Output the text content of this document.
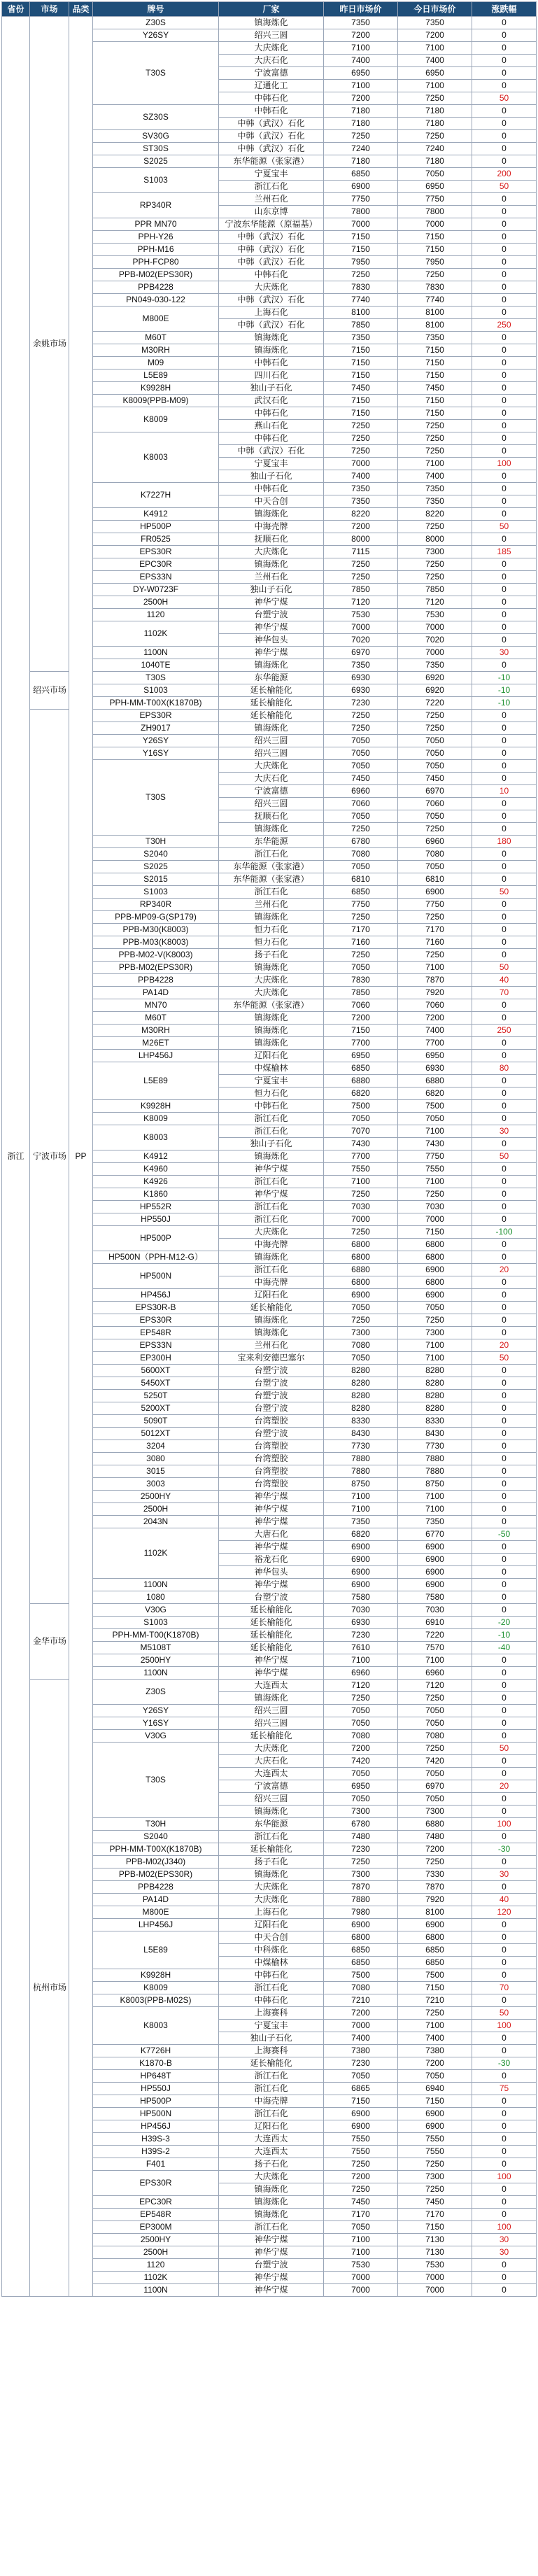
省份	市场	品类	牌号	厂家	昨日市场价	今日市场价	涨跌幅
浙江	余姚市场	PP	Z30S	镇海炼化	7350	7350	0
			Y26SY	绍兴三圆	7200	7200	0
			T30S	大庆炼化	7100	7100	0
				大庆石化	7400	7400	0
				宁波富德	6950	6950	0
				辽通化工	7100	7100	0
				中韩石化	7200	7250	50
			SZ30S	中韩石化	7180	7180	0
				中韩（武汉）石化	7180	7180	0
			SV30G	中韩（武汉）石化	7250	7250	0
			ST30S	中韩（武汉）石化	7240	7240	0
			S2025	东华能源（张家港）	7180	7180	0
			S1003	宁夏宝丰	6850	7050	200
				浙江石化	6900	6950	50
			RP340R	兰州石化	7750	7750	0
				山东京博	7800	7800	0
			PPR MN70	宁波东华能源（原福基）	7000	7000	0
			PPH-Y26	中韩（武汉）石化	7150	7150	0
			PPH-M16	中韩（武汉）石化	7150	7150	0
			PPH-FCP80	中韩（武汉）石化	7950	7950	0
			PPB-M02(EPS30R)	中韩石化	7250	7250	0
			PPB4228	大庆炼化	7830	7830	0
			PN049-030-122	中韩（武汉）石化	7740	7740	0
			M800E	上海石化	8100	8100	0
				中韩（武汉）石化	7850	8100	250
			M60T	镇海炼化	7350	7350	0
			M30RH	镇海炼化	7150	7150	0
			M09	中韩石化	7150	7150	0
			L5E89	四川石化	7150	7150	0
			K9928H	独山子石化	7450	7450	0
			K8009(PPB-M09)	武汉石化	7150	7150	0
			K8009	中韩石化	7150	7150	0
				燕山石化	7250	7250	0
			K8003	中韩石化	7250	7250	0
				中韩（武汉）石化	7250	7250	0
				宁夏宝丰	7000	7100	100
				独山子石化	7400	7400	0
			K7227H	中韩石化	7350	7350	0
				中天合创	7350	7350	0
			K4912	镇海炼化	8220	8220	0
			HP500P	中海壳牌	7200	7250	50
			FR0525	抚顺石化	8000	8000	0
			EPS30R	大庆炼化	7115	7300	185
			EPC30R	镇海炼化	7250	7250	0
			EPS33N	兰州石化	7250	7250	0
			DY-W0723F	独山子石化	7850	7850	0
			2500H	神华宁煤	7120	7120	0
			1120	台塑宁波	7530	7530	0
			1102K	神华宁煤	7000	7000	0
				神华包头	7020	7020	0
			1100N	神华宁煤	6970	7000	30
			1040TE	镇海炼化	7350	7350	0
	绍兴市场		T30S	东华能源	6930	6920	-10
			S1003	延长榆能化	6930	6920	-10
			PPH-MM-T00X(K1870B)	延长榆能化	7230	7220	-10
	宁波市场		EPS30R	延长榆能化	7250	7250	0
			ZH9017	镇海炼化	7250	7250	0
			Y26SY	绍兴三圆	7050	7050	0
			Y16SY	绍兴三圆	7050	7050	0
			T30S	大庆炼化	7050	7050	0
				大庆石化	7450	7450	0
				宁波富德	6960	6970	10
				绍兴三圆	7060	7060	0
				抚顺石化	7050	7050	0
				镇海炼化	7250	7250	0
			T30H	东华能源	6780	6960	180
			S2040	浙江石化	7080	7080	0
			S2025	东华能源（张家港）	7050	7050	0
			S2015	东华能源（张家港）	6810	6810	0
			S1003	浙江石化	6850	6900	50
			RP340R	兰州石化	7750	7750	0
			PPB-MP09-G(SP179)	镇海炼化	7250	7250	0
			PPB-M30(K8003)	恒力石化	7170	7170	0
			PPB-M03(K8003)	恒力石化	7160	7160	0
			PPB-M02-V(K8003)	扬子石化	7250	7250	0
			PPB-M02(EPS30R)	镇海炼化	7050	7100	50
			PPB4228	大庆炼化	7830	7870	40
			PA14D	大庆炼化	7850	7920	70
			MN70	东华能源（张家港）	7060	7060	0
			M60T	镇海炼化	7200	7200	0
			M30RH	镇海炼化	7150	7400	250
			M26ET	镇海炼化	7700	7700	0
			LHP456J	辽阳石化	6950	6950	0
			L5E89	中煤榆林	6850	6930	80
				宁夏宝丰	6880	6880	0
				恒力石化	6820	6820	0
			K9928H	中韩石化	7500	7500	0
			K8009	浙江石化	7050	7050	0
			K8003	浙江石化	7070	7100	30
				独山子石化	7430	7430	0
			K4912	镇海炼化	7700	7750	50
			K4960	神华宁煤	7550	7550	0
			K4926	浙江石化	7100	7100	0
			K1860	神华宁煤	7250	7250	0
			HP552R	浙江石化	7030	7030	0
			HP550J	浙江石化	7000	7000	0
			HP500P	大庆炼化	7250	7150	-100
				中海壳牌	6800	6800	0
			HP500N（PPH-M12-G）	镇海炼化	6800	6800	0
			HP500N	浙江石化	6880	6900	20
				中海壳牌	6800	6800	0
			HP456J	辽阳石化	6900	6900	0
			EPS30R-B	延长榆能化	7050	7050	0
			EPS30R	镇海炼化	7250	7250	0
			EP548R	镇海炼化	7300	7300	0
			EPS33N	兰州石化	7080	7100	20
			EP300H	宝来利安德巴塞尔	7050	7100	50
			5600XT	台塑宁波	8280	8280	0
			5450XT	台塑宁波	8280	8280	0
			5250T	台塑宁波	8280	8280	0
			5200XT	台塑宁波	8280	8280	0
			5090T	台湾塑胶	8330	8330	0
			5012XT	台塑宁波	8430	8430	0
			3204	台湾塑胶	7730	7730	0
			3080	台湾塑胶	7880	7880	0
			3015	台湾塑胶	7880	7880	0
			3003	台湾塑胶	8750	8750	0
			2500HY	神华宁煤	7100	7100	0
			2500H	神华宁煤	7100	7100	0
			2043N	神华宁煤	7350	7350	0
			1102K	大唐石化	6820	6770	-50
				神华宁煤	6900	6900	0
				裕龙石化	6900	6900	0
				神华包头	6900	6900	0
			1100N	神华宁煤	6900	6900	0
			1080	台塑宁波	7580	7580	0
	金华市场		V30G	延长榆能化	7030	7030	0
			S1003	延长榆能化	6930	6910	-20
			PPH-MM-T00(K1870B)	延长榆能化	7230	7220	-10
			M5108T	延长榆能化	7610	7570	-40
			2500HY	神华宁煤	7100	7100	0
			1100N	神华宁煤	6960	6960	0
	杭州市场		Z30S	大连西太	7120	7120	0
				镇海炼化	7250	7250	0
			Y26SY	绍兴三圆	7050	7050	0
			Y16SY	绍兴三圆	7050	7050	0
			V30G	延长榆能化	7080	7080	0
			T30S	大庆炼化	7200	7250	50
				大庆石化	7420	7420	0
				大连西太	7050	7050	0
				宁波富德	6950	6970	20
				绍兴三圆	7050	7050	0
				镇海炼化	7300	7300	0
			T30H	东华能源	6780	6880	100
			S2040	浙江石化	7480	7480	0
			PPH-MM-T00X(K1870B)	延长榆能化	7230	7200	-30
			PPB-M02(J340)	扬子石化	7250	7250	0
			PPB-M02(EPS30R)	镇海炼化	7300	7330	30
			PPB4228	大庆炼化	7870	7870	0
			PA14D	大庆炼化	7880	7920	40
			M800E	上海石化	7980	8100	120
			LHP456J	辽阳石化	6900	6900	0
			L5E89	中天合创	6800	6800	0
				中科炼化	6850	6850	0
				中煤榆林	6850	6850	0
			K9928H	中韩石化	7500	7500	0
			K8009	浙江石化	7080	7150	70
			K8003(PPB-M02S)	中韩石化	7210	7210	0
			K8003	上海赛科	7200	7250	50
				宁夏宝丰	7000	7100	100
				独山子石化	7400	7400	0
			K7726H	上海赛科	7380	7380	0
			K1870-B	延长榆能化	7230	7200	-30
			HP648T	浙江石化	7050	7050	0
			HP550J	浙江石化	6865	6940	75
			HP500P	中海壳牌	7150	7150	0
			HP500N	浙江石化	6900	6900	0
			HP456J	辽阳石化	6900	6900	0
			H39S-3	大连西太	7550	7550	0
			H39S-2	大连西太	7550	7550	0
			F401	扬子石化	7250	7250	0
			EPS30R	大庆炼化	7200	7300	100
				镇海炼化	7250	7250	0
			EPC30R	镇海炼化	7450	7450	0
			EP548R	镇海炼化	7170	7170	0
			EP300M	浙江石化	7050	7150	100
			2500HY	神华宁煤	7100	7130	30
			2500H	神华宁煤	7100	7130	30
			1120	台塑宁波	7530	7530	0
			1102K	神华宁煤	7000	7000	0
			1100N	神华宁煤	7000	7000	0
